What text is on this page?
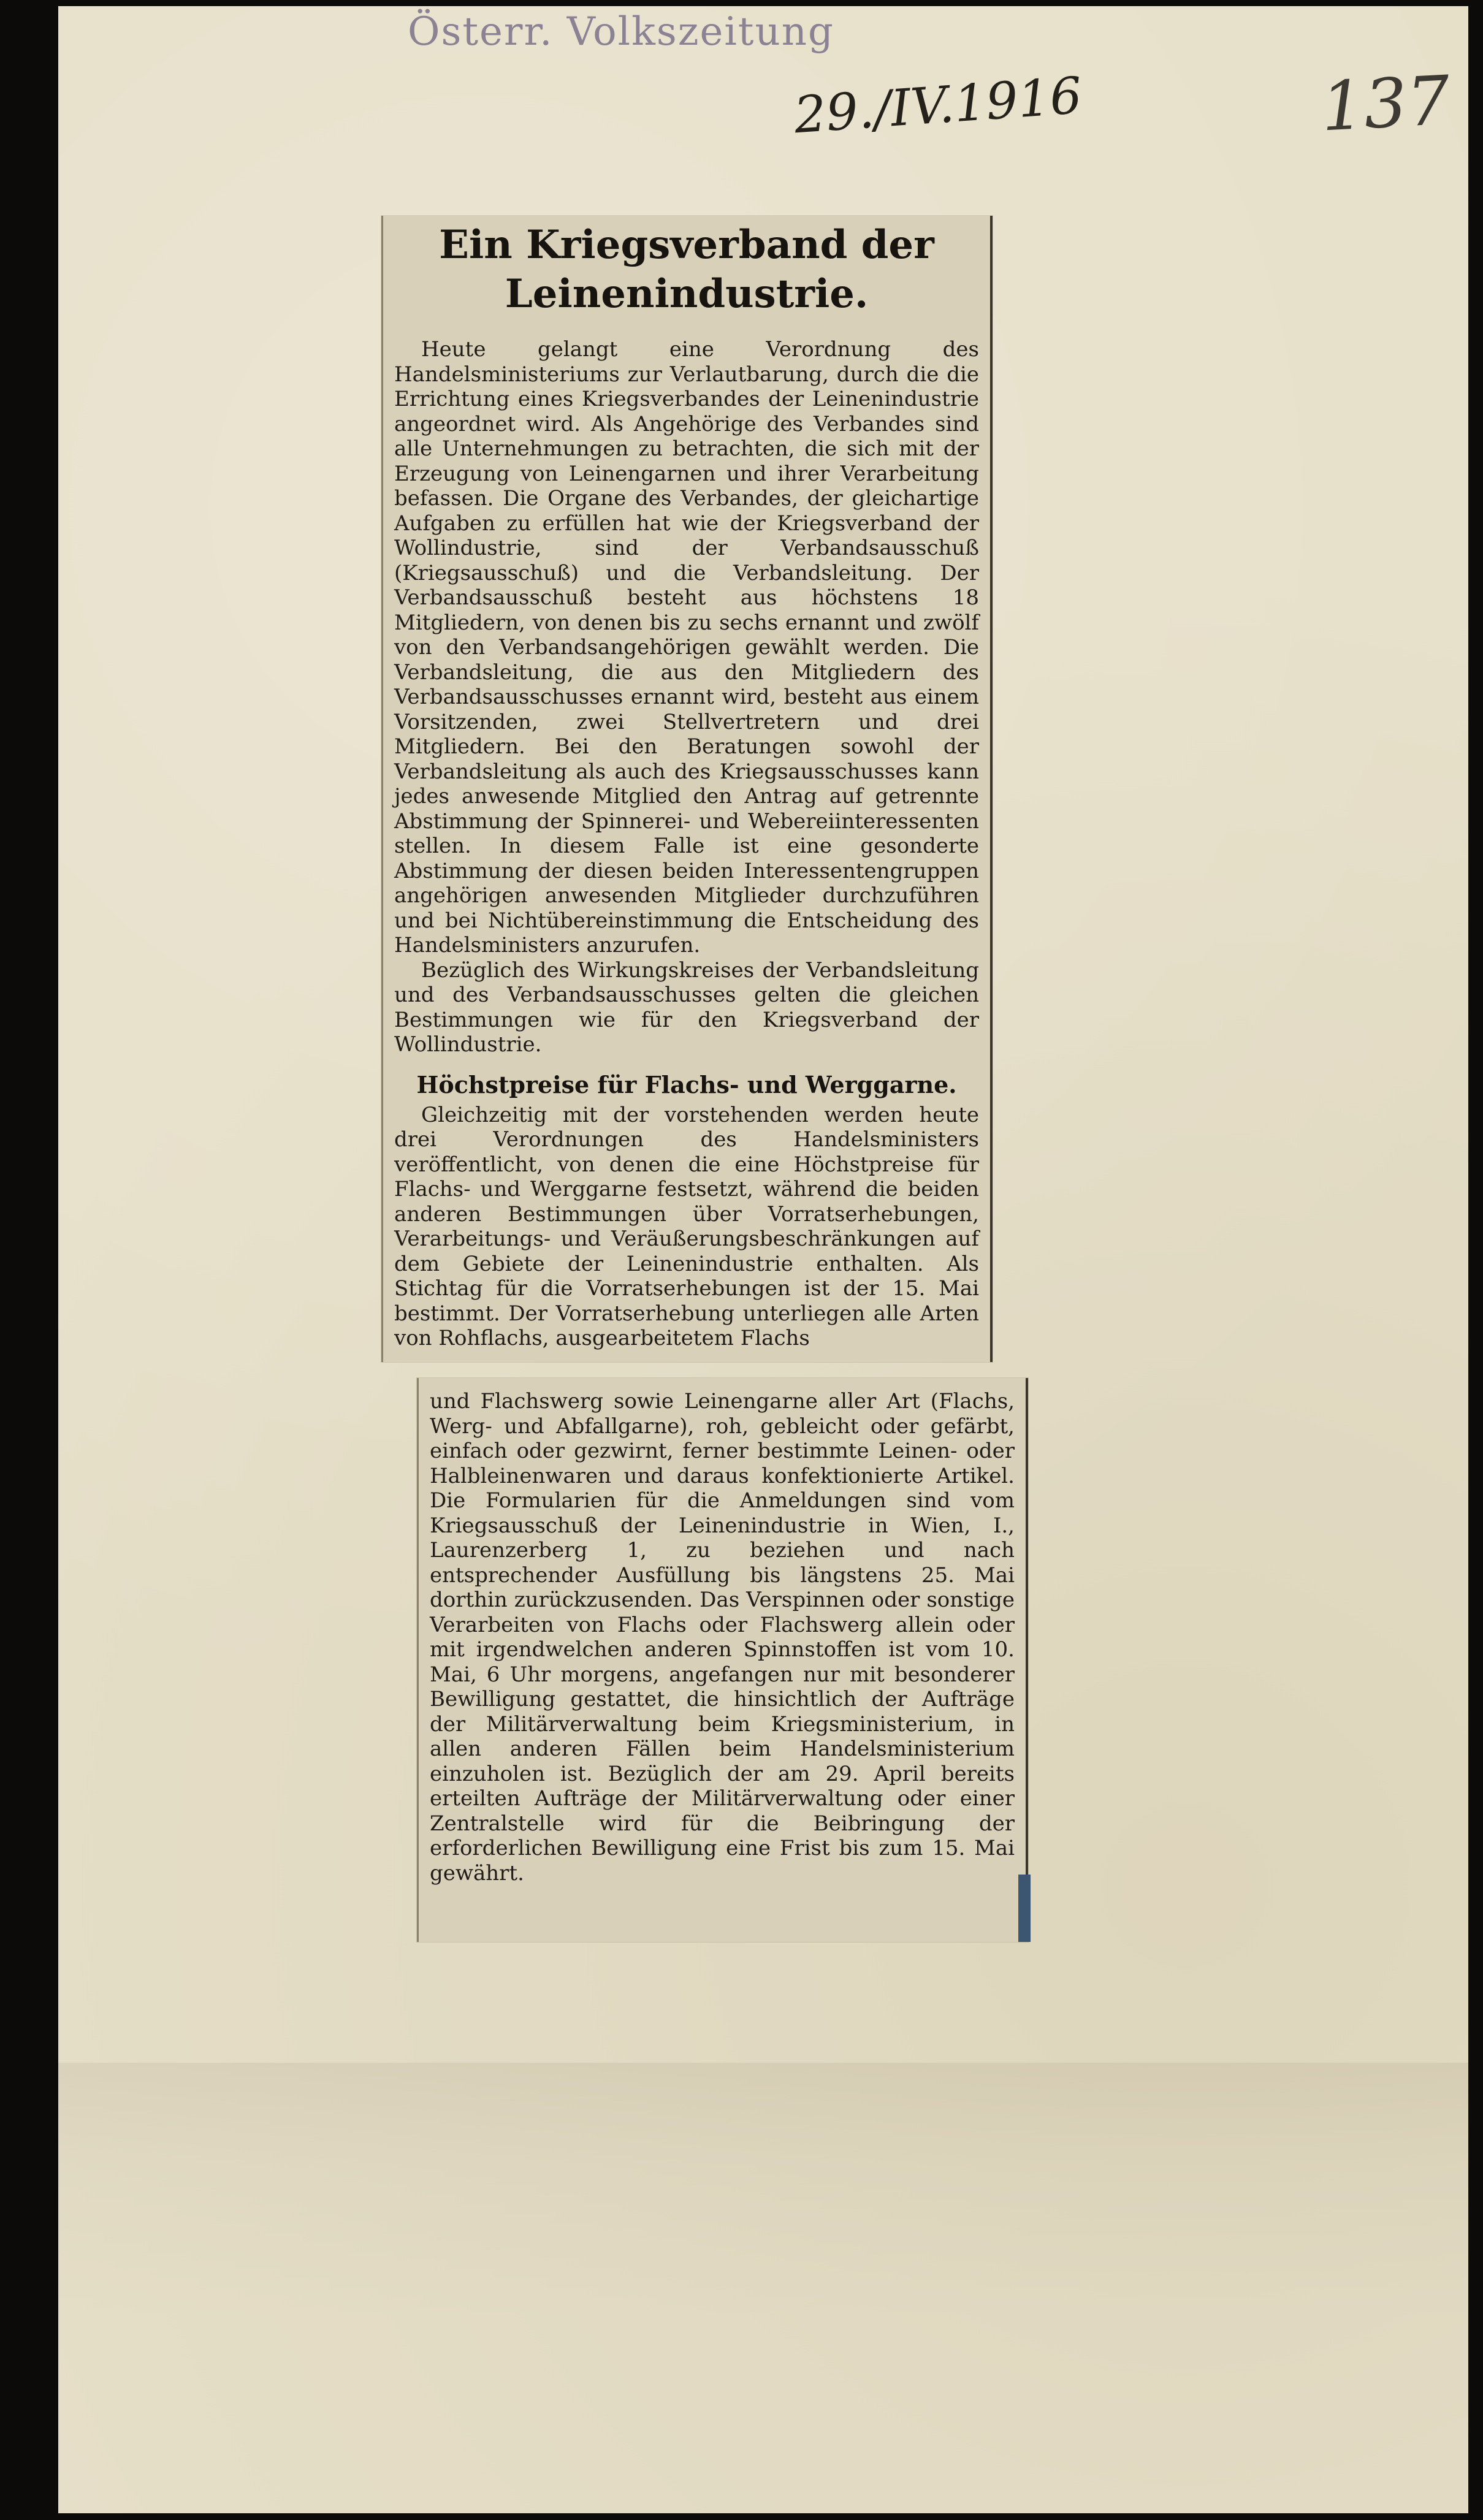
Österr. Volkszeitung
29./IV.1916	137
Ein Kriegsverband der Leinenindustrie.

Heute gelangt eine Verordnung des Handelsministeriums zur Verlautbarung, durch die die Errichtung eines Kriegsverbandes der Leinenindustrie angeordnet wird. Als Angehörige des Verbandes sind alle Unternehmungen zu betrachten, die sich mit der Erzeugung von Leinengarnen und ihrer Verarbeitung befassen. Die Organe des Verbandes, der gleichartige Aufgaben zu erfüllen hat wie der Kriegsverband der Wollindustrie, sind der Verbandsausschuß (Kriegsausschuß) und die Verbandsleitung. Der Verbandsausschuß besteht aus höchstens 18 Mitgliedern, von denen bis zu sechs ernannt und zwölf von den Verbandsangehörigen gewählt werden. Die Verbandsleitung, die aus den Mitgliedern des Verbandsausschusses ernannt wird, besteht aus einem Vorsitzenden, zwei Stellvertretern und drei Mitgliedern. Bei den Beratungen sowohl der Verbandsleitung als auch des Kriegsausschusses kann jedes anwesende Mitglied den Antrag auf getrennte Abstimmung der Spinnerei- und Webereiinteressenten stellen. In diesem Falle ist eine gesonderte Abstimmung der diesen beiden Interessentengruppen angehörigen anwesenden Mitglieder durchzuführen und bei Nichtübereinstimmung die Entscheidung des Handelsministers anzurufen.

Bezüglich des Wirkungskreises der Verbandsleitung und des Verbandsausschusses gelten die gleichen Bestimmungen wie für den Kriegsverband der Wollindustrie.

Höchstpreise für Flachs- und Werggarne.

Gleichzeitig mit der vorstehenden werden heute drei Verordnungen des Handelsministers veröffentlicht, von denen die eine Höchstpreise für Flachs- und Werggarne festsetzt, während die beiden anderen Bestimmungen über Vorratserhebungen, Verarbeitungs- und Veräußerungsbeschränkungen auf dem Gebiete der Leinenindustrie enthalten. Als Stichtag für die Vorratserhebungen ist der 15. Mai bestimmt. Der Vorratserhebung unterliegen alle Arten von Rohflachs, ausgearbeitetem Flachs

und Flachswerg sowie Leinengarne aller Art (Flachs, Werg- und Abfallgarne), roh, gebleicht oder gefärbt, einfach oder gezwirnt, ferner bestimmte Leinen- oder Halbleinenwaren und daraus konfektionierte Artikel. Die Formularien für die Anmeldungen sind vom Kriegsausschuß der Leinenindustrie in Wien, I., Laurenzerberg 1, zu beziehen und nach entsprechender Ausfüllung bis längstens 25. Mai dorthin zurückzusenden. Das Verspinnen oder sonstige Verarbeiten von Flachs oder Flachswerg allein oder mit irgendwelchen anderen Spinnstoffen ist vom 10. Mai, 6 Uhr morgens, angefangen nur mit besonderer Bewilligung gestattet, die hinsichtlich der Aufträge der Militärverwaltung beim Kriegsministerium, in allen anderen Fällen beim Handelsministerium einzuholen ist. Bezüglich der am 29. April bereits erteilten Aufträge der Militärverwaltung oder einer Zentralstelle wird für die Beibringung der erforderlichen Bewilligung eine Frist bis zum 15. Mai gewährt.
